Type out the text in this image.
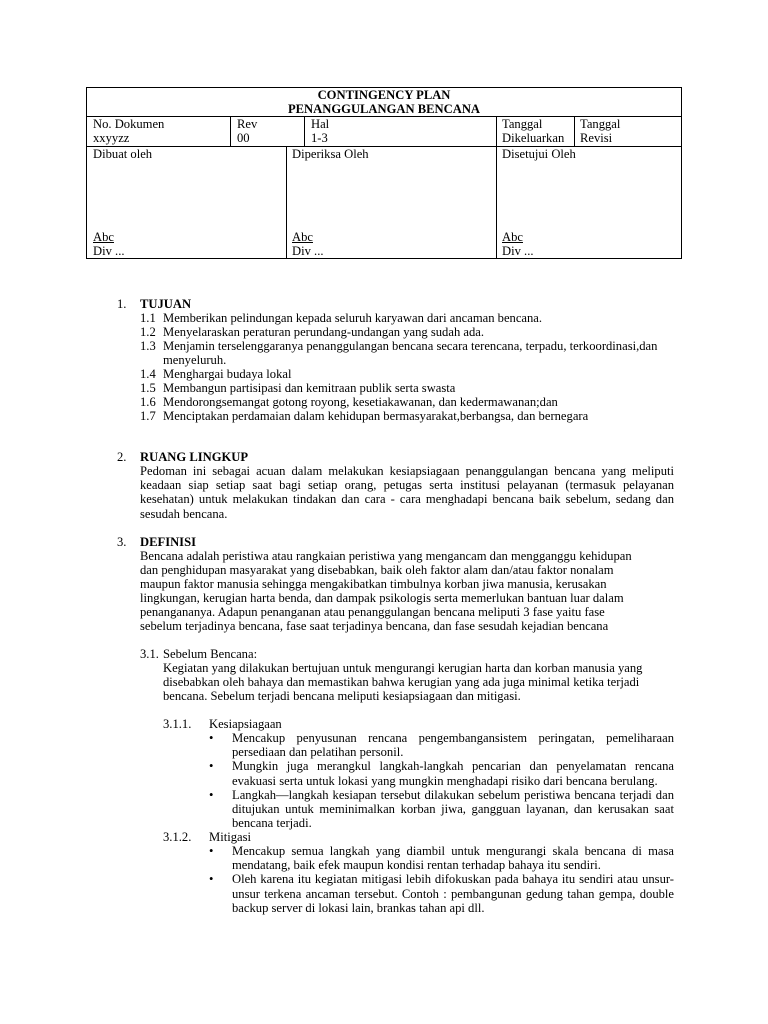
CONTINGENCY PLAN
PENANGGULANGAN BENCANA
No. Dokumen
xxyyzz
Rev
00
Hal
1-3
Tanggal
Dikeluarkan
Tanggal
Revisi
Dibuat oleh
Abc
Div ...
Diperiksa Oleh
Abc
Div ...
Disetujui Oleh
Abc
Div ...
1. TUJUAN
1.1 Memberikan pelindungan kepada seluruh karyawan dari ancaman bencana.
1.2 Menyelaraskan peraturan perundang-undangan yang sudah ada.
1.3 Menjamin terselenggaranya penanggulangan bencana secara terencana, terpadu, terkoordinasi,dan
menyeluruh.
1.4 Menghargai budaya lokal
1.5 Membangun partisipasi dan kemitraan publik serta swasta
1.6 Mendorongsemangat gotong royong, kesetiakawanan, dan kedermawanan;dan
1.7 Menciptakan perdamaian dalam kehidupan bermasyarakat,berbangsa, dan bernegara
2. RUANG LINGKUP
Pedoman ini sebagai acuan dalam melakukan kesiapsiagaan penanggulangan bencana yang meliputi keadaan siap setiap saat bagi setiap orang, petugas serta institusi pelayanan (termasuk pelayanan kesehatan) untuk melakukan tindakan dan cara - cara menghadapi bencana baik sebelum, sedang dan sesudah bencana.
3. DEFINISI
Bencana adalah peristiwa atau rangkaian peristiwa yang mengancam dan mengganggu kehidupan
dan penghidupan masyarakat yang disebabkan, baik oleh faktor alam dan/atau faktor nonalam
maupun faktor manusia sehingga mengakibatkan timbulnya korban jiwa manusia, kerusakan
lingkungan, kerugian harta benda, dan dampak psikologis serta memerlukan bantuan luar dalam
penangananya. Adapun penanganan atau penanggulangan bencana meliputi 3 fase yaitu fase
sebelum terjadinya bencana, fase saat terjadinya bencana, dan fase sesudah kejadian bencana
3.1. Sebelum Bencana:
Kegiatan yang dilakukan bertujuan untuk mengurangi kerugian harta dan korban manusia yang
disebabkan oleh bahaya dan memastikan bahwa kerugian yang ada juga minimal ketika terjadi
bencana. Sebelum terjadi bencana meliputi kesiapsiagaan dan mitigasi.
3.1.1. Kesiapsiagaan
• Mencakup penyusunan rencana pengembangansistem peringatan, pemeliharaan persediaan dan pelatihan personil.
• Mungkin juga merangkul langkah-langkah pencarian dan penyelamatan rencana evakuasi serta untuk lokasi yang mungkin menghadapi risiko dari bencana berulang.
• Langkah—langkah kesiapan tersebut dilakukan sebelum peristiwa bencana terjadi dan ditujukan untuk meminimalkan korban jiwa, gangguan layanan, dan kerusakan saat bencana terjadi.
3.1.2. Mitigasi
• Mencakup semua langkah yang diambil untuk mengurangi skala bencana di masa mendatang, baik efek maupun kondisi rentan terhadap bahaya itu sendiri.
• Oleh karena itu kegiatan mitigasi lebih difokuskan pada bahaya itu sendiri atau unsur-unsur terkena ancaman tersebut. Contoh : pembangunan gedung tahan gempa, double backup server di lokasi lain, brankas tahan api dll.
